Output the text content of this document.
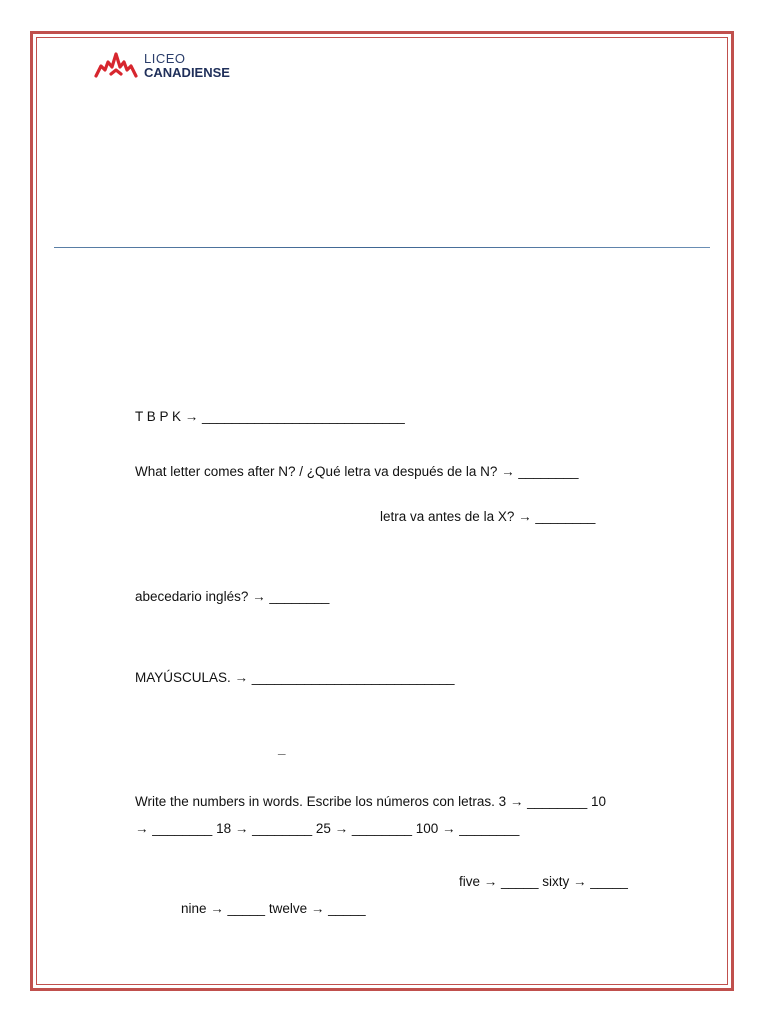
LICEO
CANADIENSE
T B P K → ___________________________
What letter comes after N? / ¿Qué letra va después de la N? → ________
letra va antes de la X? → ________
abecedario inglés? → ________
MAYÚSCULAS. → ___________________________
_
Write the numbers in words. Escribe los números con letras. 3 → ________ 10
→ ________ 18 → ________ 25 → ________ 100 → ________
five → _____ sixty → _____
nine → _____ twelve → _____
